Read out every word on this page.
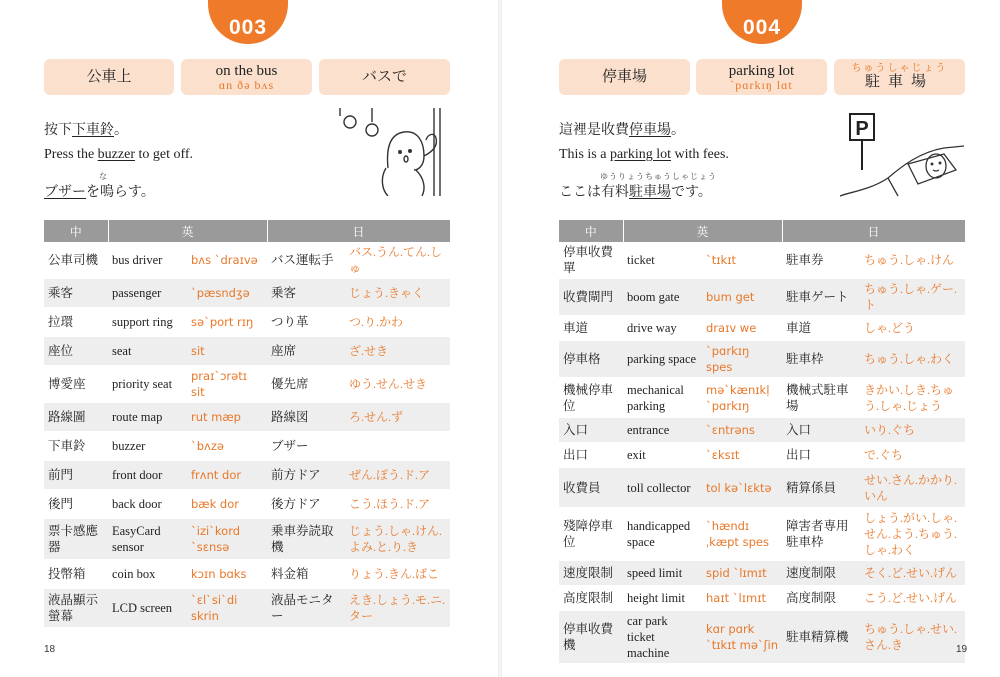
003
公車上	on the bus
ɑn ðə bʌs	バスで
按下下車鈴。
Press the buzzer to get off.
な
ブザーを鳴らす。
中	英		日	
公車司機	bus driver	bʌs ˋdraɪvə	バス運転手	バス.うん.てん.しゅ
乘客	passenger	ˋpæsndʒə	乗客	じょう.きゃく
拉環	support ring	səˋport rɪŋ	つり革	つ.り.かわ
座位	seat	sit	座席	ざ.せき
博愛座	priority seat	praɪˋɔrətɪ sit	優先席	ゆう.せん.せき
路線圖	route map	rut mæp	路線図	ろ.せん.ず
下車鈴	buzzer	ˋbʌzə	ブザー	
前門	front door	frʌnt dor	前方ドア	ぜん.ぽう.ド.ア
後門	back door	bæk dor	後方ドア	こう.ほう.ド.ア
票卡感應器	EasyCard sensor	ˋiziˋkord ˋsɛnsə	乗車券読取機	じょう.しゃ.けん.よみ.と.り.き
投幣箱	coin box	kɔɪn bɑks	料金箱	りょう.きん.ばこ
液晶顯示螢幕	LCD screen	ˋɛlˋsiˋdi skrin	液晶モニター	えき.しょう.モ.ニ.ター
18
004
停車場	parking lot
ˋpɑrkɪŋ lɑt
ちゅうしゃじょう
駐車場
這裡是收費停車場。
This is a parking lot with fees.
ゆうりょうちゅうしゃじょう
ここは有料駐車場です。
P
中	英		日	
停車收費單	ticket	ˋtɪkɪt	駐車券	ちゅう.しゃ.けん
收費閘門	boom gate	bum get	駐車ゲート	ちゅう.しゃ.ゲー.ト
車道	drive way	draɪv we	車道	しゃ.どう
停車格	parking space	ˋpɑrkɪŋ spes	駐車枠	ちゅう.しゃ.わく
機械停車位	mechanical parking	məˋkænɪkḷ ˋpɑrkɪŋ	機械式駐車場	きかい.しき.ちゅう.しゃ.じょう
入口	entrance	ˋɛntrəns	入口	いり.ぐち
出口	exit	ˋɛksɪt	出口	で.ぐち
收費員	toll collector	tol kəˋlɛktə	精算係員	せい.さん.かかり.いん
殘障停車位	handicapped space	ˋhændɪˌkæpt spes	障害者専用駐車枠	しょう.がい.しゃ.せん.よう.ちゅう.しゃ.わく
速度限制	speed limit	spid ˋlɪmɪt	速度制限	そく.ど.せい.げん
高度限制	height limit	haɪt ˋlɪmɪt	高度制限	こう.ど.せい.げん
停車收費機	car park ticket machine	kɑr pɑrk ˋtɪkɪt məˋʃin	駐車精算機	ちゅう.しゃ.せい.さん.き	19
